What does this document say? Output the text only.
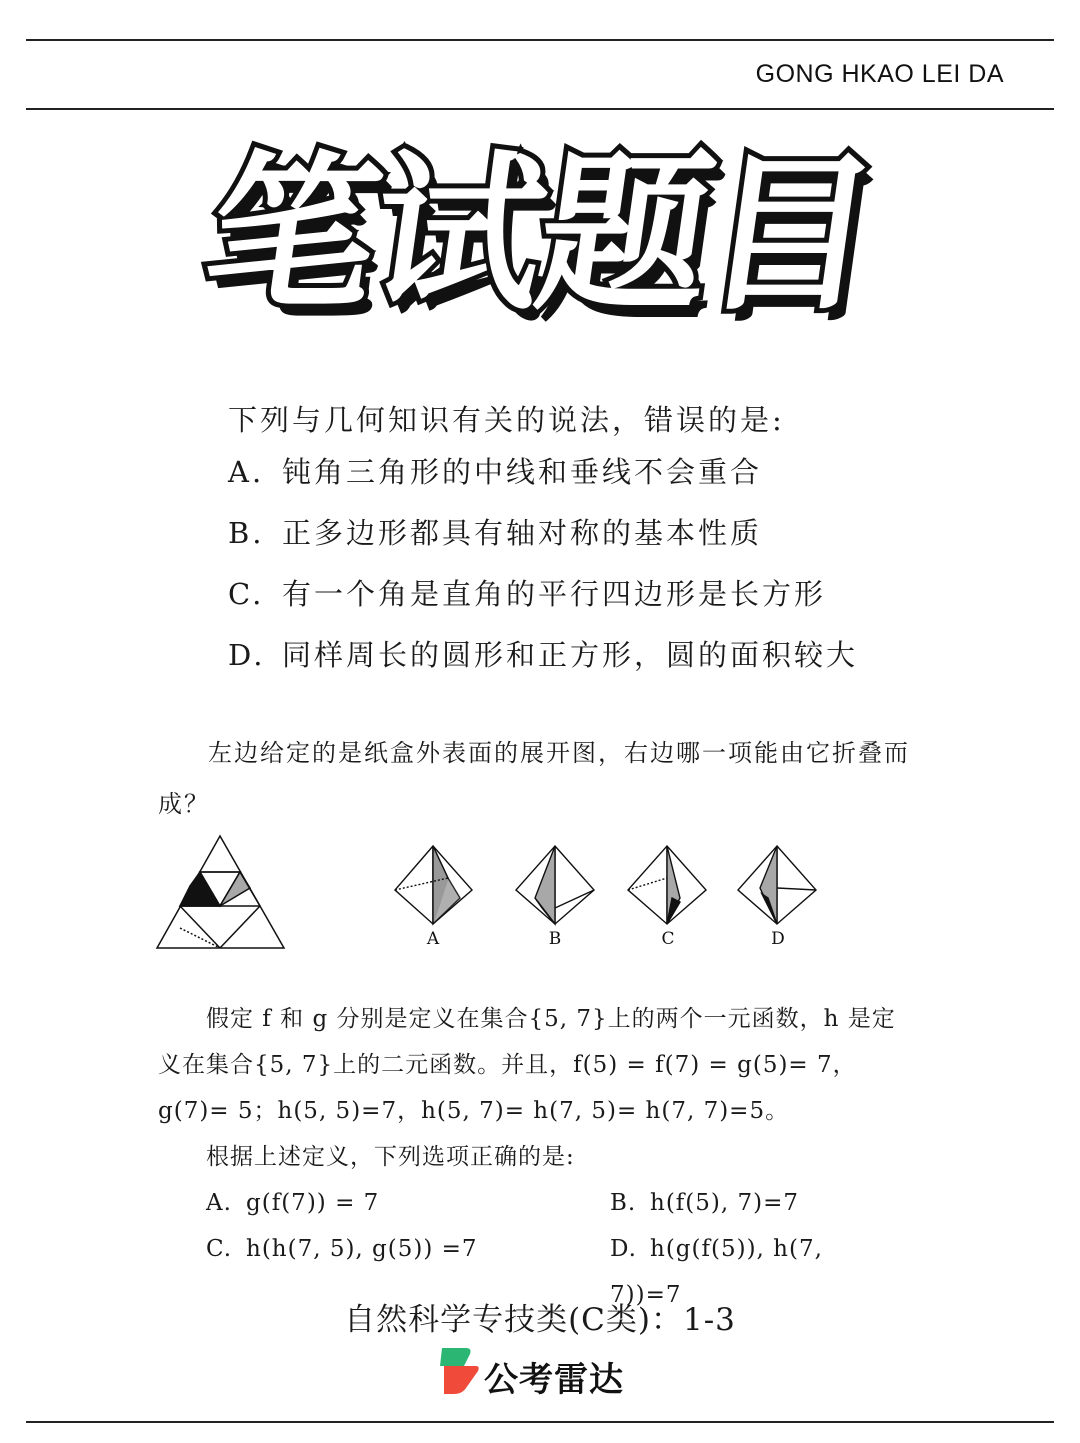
GONG HKAO LEI DA
笔试题目
下列与几何知识有关的说法，错误的是:
A. 钝角三角形的中线和垂线不会重合
B. 正多边形都具有轴对称的基本性质
C. 有一个角是直角的平行四边形是长方形
D. 同样周长的圆形和正方形，圆的面积较大
左边给定的是纸盒外表面的展开图，右边哪一项能由它折叠而成？
A	B	C	D
假定 f 和 g 分别是定义在集合{5, 7}上的两个一元函数，h 是定义在集合{5, 7}上的二元函数。并且，f(5) = f(7) = g(5)= 7，g(7)= 5；h(5, 5)=7，h(5, 7)= h(7, 5)= h(7, 7)=5。
根据上述定义，下列选项正确的是:
A. g(f(7)) = 7	B. h(f(5), 7)=7
C. h(h(7, 5), g(5)) =7	D. h(g(f(5)), h(7, 7))=7
自然科学专技类(C类)：1-3
公考雷达
